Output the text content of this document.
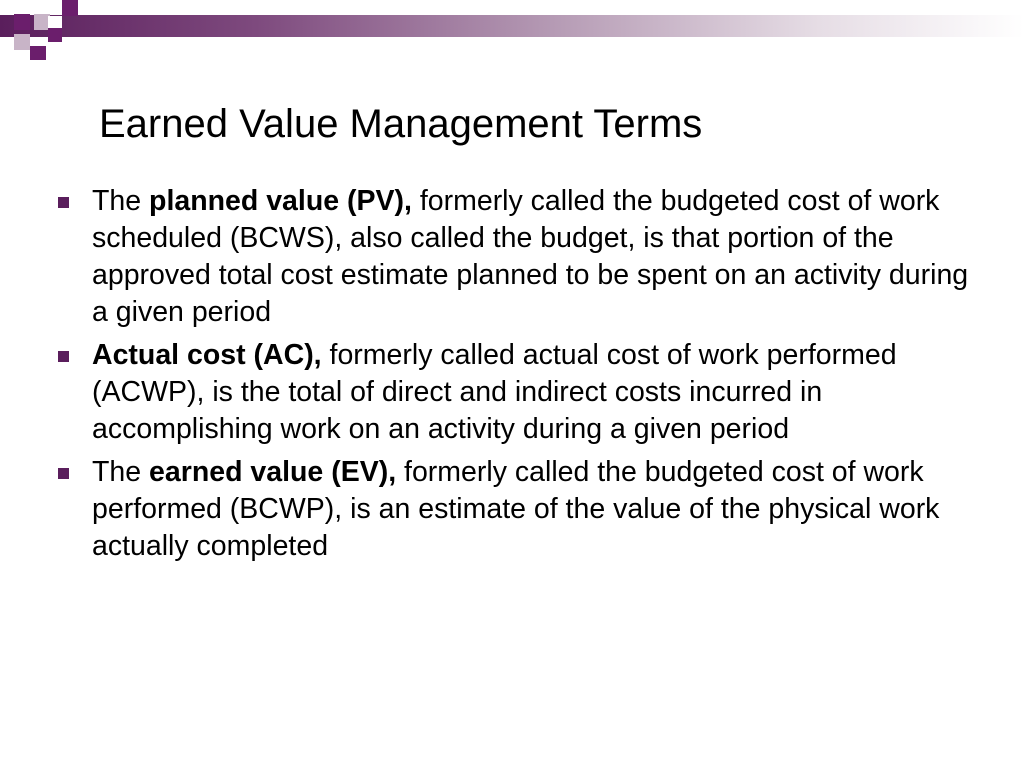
Earned Value Management Terms
The planned value (PV), formerly called the budgeted cost of work scheduled (BCWS), also called the budget, is that portion of the approved total cost estimate planned to be spent on an activity during a given period
Actual cost (AC), formerly called actual cost of work performed (ACWP), is the total of direct and indirect costs incurred in accomplishing work on an activity during a given period
The earned value (EV), formerly called the budgeted cost of work performed (BCWP), is an estimate of the value of the physical work actually completed
